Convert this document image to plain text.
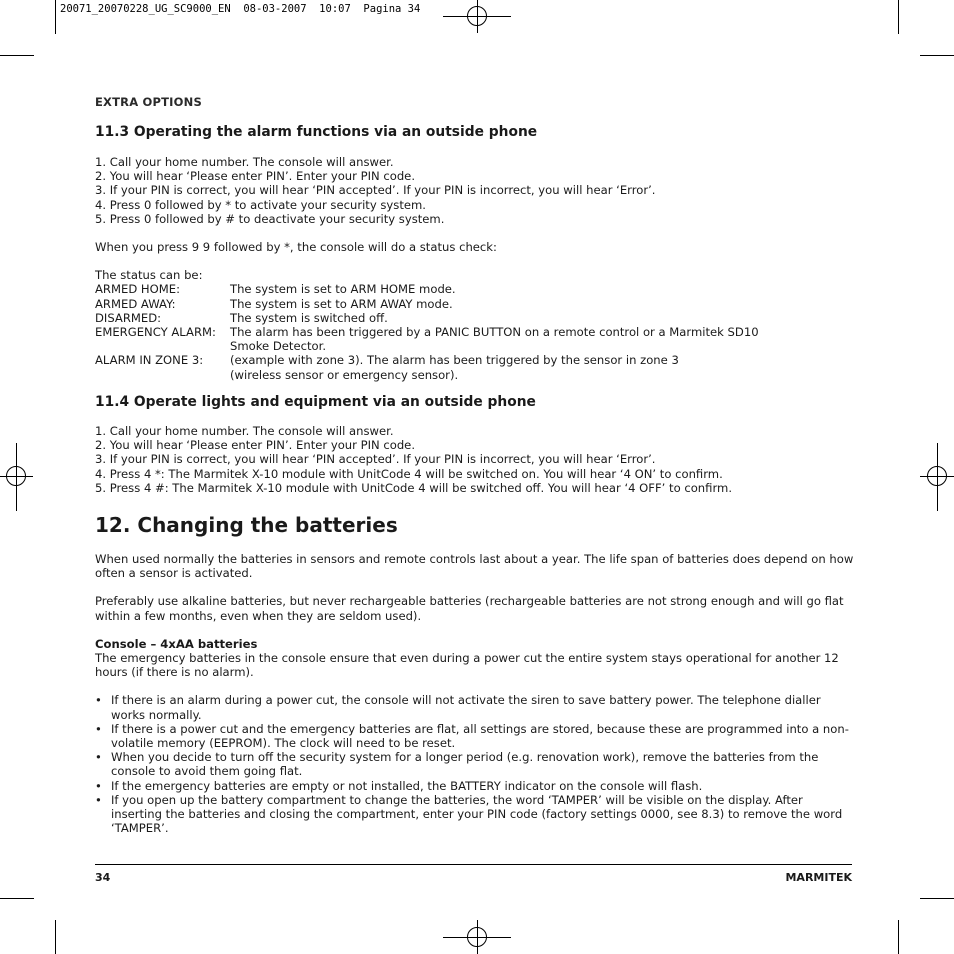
20071_20070228_UG_SC9000_EN  08-03-2007  10:07  Pagina 34
EXTRA OPTIONS
11.3 Operating the alarm functions via an outside phone
1. Call your home number. The console will answer.
2. You will hear ‘Please enter PIN’. Enter your PIN code.
3. If your PIN is correct, you will hear ‘PIN accepted’. If your PIN is incorrect, you will hear ‘Error’.
4. Press 0 followed by * to activate your security system.
5. Press 0 followed by # to deactivate your security system.
When you press 9 9 followed by *, the console will do a status check:
The status can be:
ARMED HOME:	The system is set to ARM HOME mode.
ARMED AWAY:	The system is set to ARM AWAY mode.
DISARMED:	The system is switched off.
EMERGENCY ALARM:	The alarm has been triggered by a PANIC BUTTON on a remote control or a Marmitek SD10
Smoke Detector.
ALARM IN ZONE 3:	(example with zone 3). The alarm has been triggered by the sensor in zone 3
(wireless sensor or emergency sensor).
11.4 Operate lights and equipment via an outside phone
1. Call your home number. The console will answer.
2. You will hear ‘Please enter PIN’. Enter your PIN code.
3. If your PIN is correct, you will hear ‘PIN accepted’. If your PIN is incorrect, you will hear ‘Error’.
4. Press 4 *: The Marmitek X-10 module with UnitCode 4 will be switched on. You will hear ‘4 ON’ to confirm.
5. Press 4 #: The Marmitek X-10 module with UnitCode 4 will be switched off. You will hear ‘4 OFF’ to confirm.
12. Changing the batteries

When used normally the batteries in sensors and remote controls last about a year. The life span of batteries does depend on how often a sensor is activated.

Preferably use alkaline batteries, but never rechargeable batteries (rechargeable batteries are not strong enough and will go flat within a few months, even when they are seldom used).

Console – 4xAA batteries

The emergency batteries in the console ensure that even during a power cut the entire system stays operational for another 12 hours (if there is no alarm).

• If there is an alarm during a power cut, the console will not activate the siren to save battery power. The telephone dialler works normally.
• If there is a power cut and the emergency batteries are flat, all settings are stored, because these are programmed into a non-volatile memory (EEPROM). The clock will need to be reset.
• When you decide to turn off the security system for a longer period (e.g. renovation work), remove the batteries from the console to avoid them going flat.
• If the emergency batteries are empty or not installed, the BATTERY indicator on the console will flash.
• If you open up the battery compartment to change the batteries, the word ‘TAMPER’ will be visible on the display. After inserting the batteries and closing the compartment, enter your PIN code (factory settings 0000, see 8.3) to remove the word ‘TAMPER’.
34	MARMITEK
